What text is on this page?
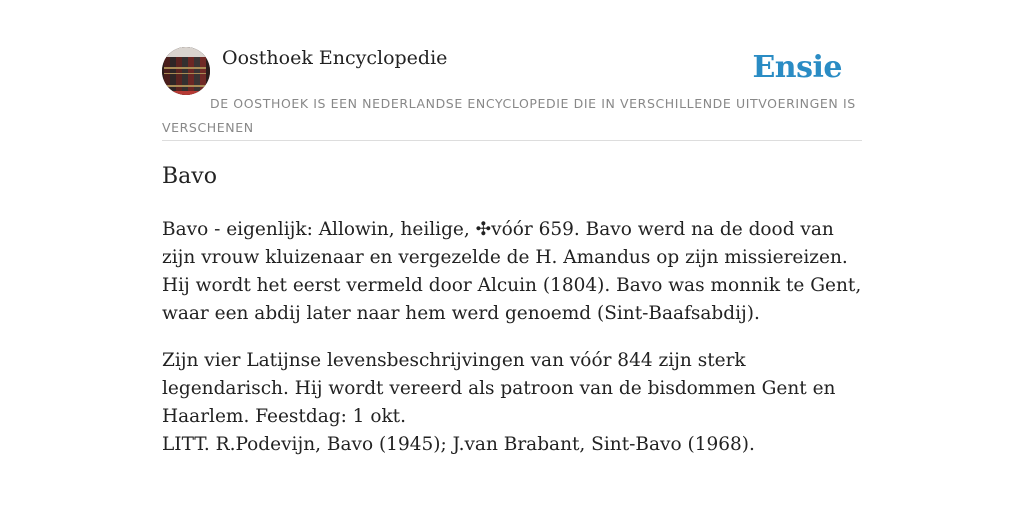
Oosthoek Encyclopedie	Ensie
DE OOSTHOEK IS EEN NEDERLANDSE ENCYCLOPEDIE DIE IN VERSCHILLENDE UITVOERINGEN IS VERSCHENEN
Bavo

Bavo - eigenlijk: Allowin, heilige, ✣vóór 659. Bavo werd na de dood van zijn vrouw kluizenaar en vergezelde de H. Amandus op zijn missiereizen. Hij wordt het eerst vermeld door Alcuin (1804). Bavo was monnik te Gent, waar een abdij later naar hem werd genoemd (Sint-Baafsabdij).

Zijn vier Latijnse levensbeschrijvingen van vóór 844 zijn sterk legendarisch. Hij wordt vereerd als patroon van de bisdommen Gent en Haarlem. Feestdag: 1 okt.

LITT. R.Podevijn, Bavo (1945); J.van Brabant, Sint-Bavo (1968).
